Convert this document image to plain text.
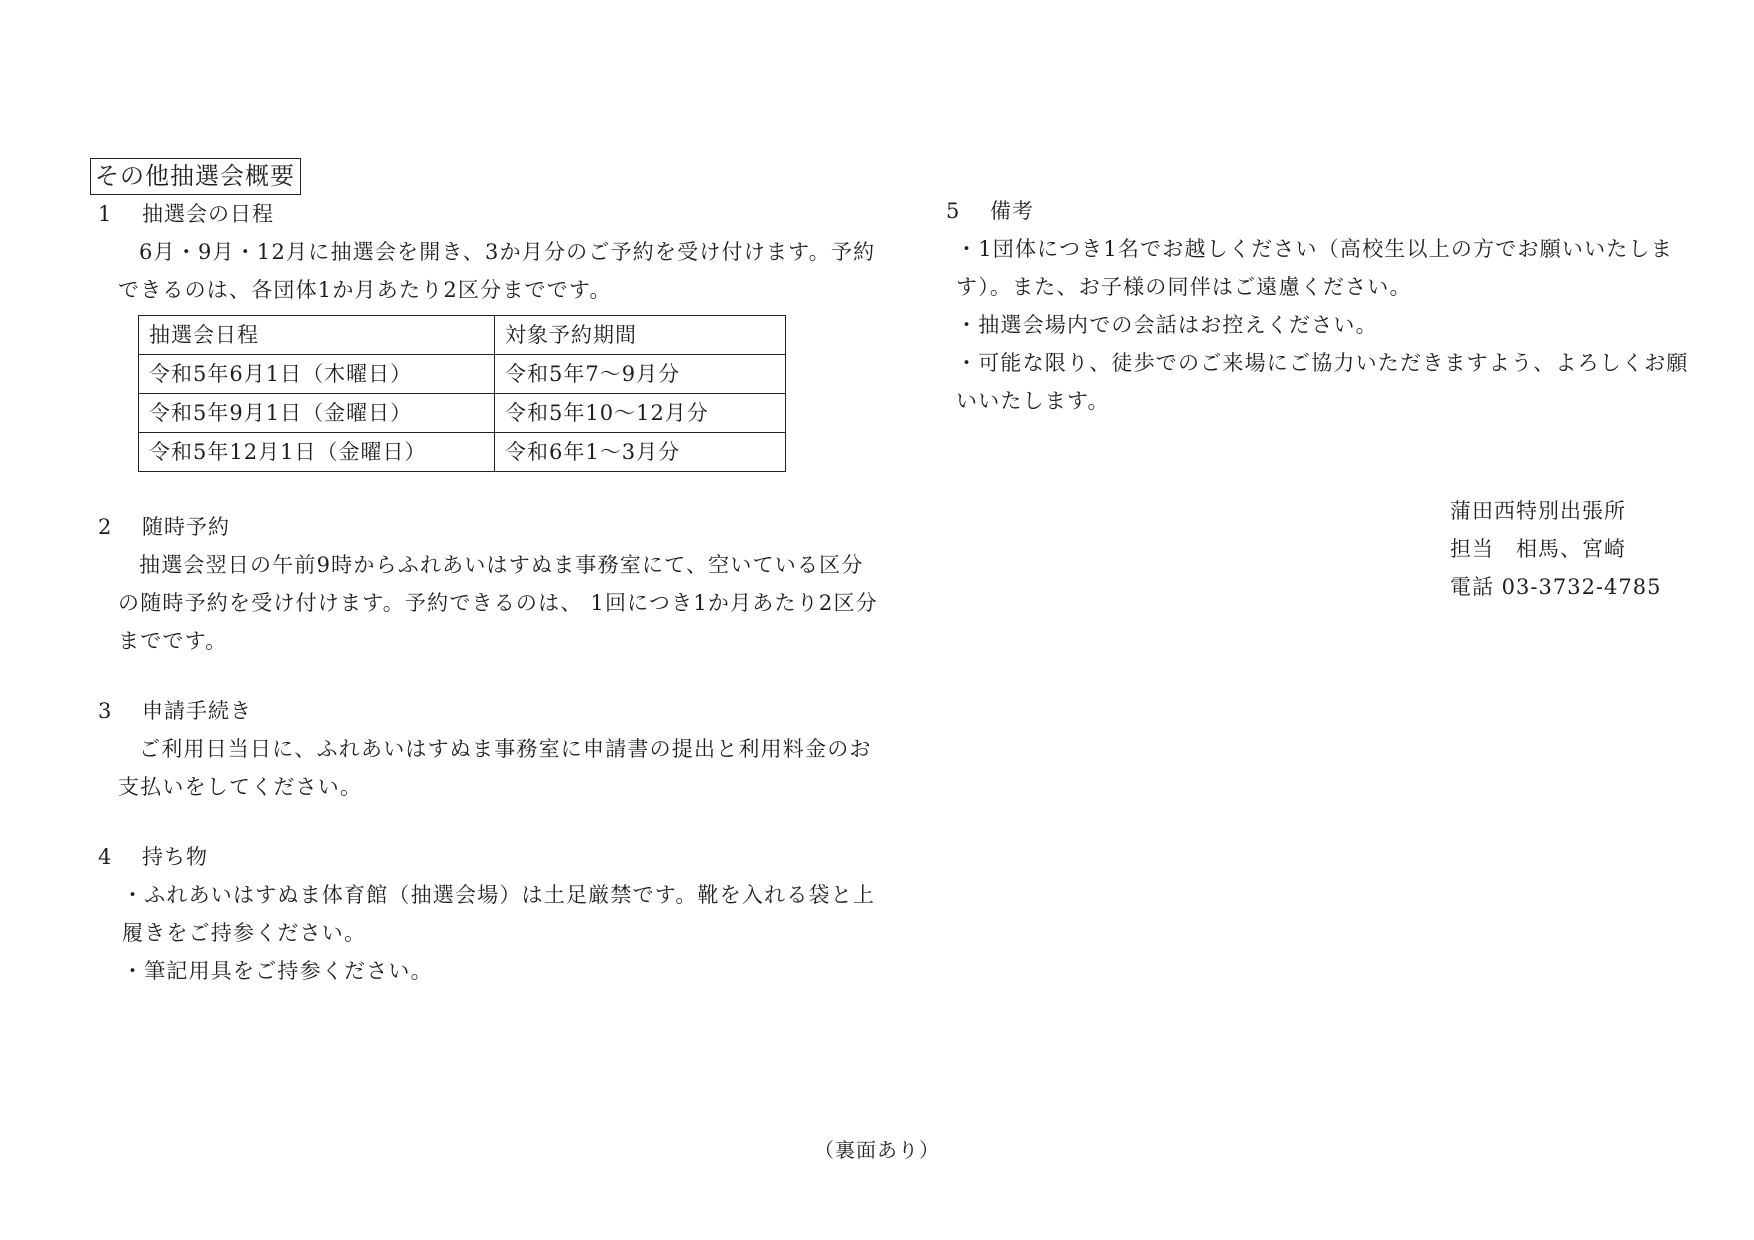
その他抽選会概要
1 抽選会の日程

6月・9月・12月に抽選会を開き、3か月分のご予約を受け付けます。予約できるのは、各団体1か月あたり2区分までです。

抽選会日程	対象予約期間
令和5年6月1日（木曜日）	令和5年7～9月分
令和5年9月1日（金曜日）	令和5年10～12月分
令和5年12月1日（金曜日）	令和6年1～3月分
2 随時予約

抽選会翌日の午前9時からふれあいはすぬま事務室にて、空いている区分の随時予約を受け付けます。予約できるのは、 1回につき1か月あたり2区分までです。

3 申請手続き

ご利用日当日に、ふれあいはすぬま事務室に申請書の提出と利用料金のお支払いをしてください。

4 持ち物

・ふれあいはすぬま体育館（抽選会場）は土足厳禁です。靴を入れる袋と上履きをご持参ください。

・筆記用具をご持参ください。

5 備考

・1団体につき1名でお越しください（高校生以上の方でお願いいたします）。また、お子様の同伴はご遠慮ください。

・抽選会場内での会話はお控えください。

・可能な限り、徒歩でのご来場にご協力いただきますよう、よろしくお願いいたします。

蒲田西特別出張所
担当　相馬、宮崎
電話 03-3732-4785
（裏面あり）
